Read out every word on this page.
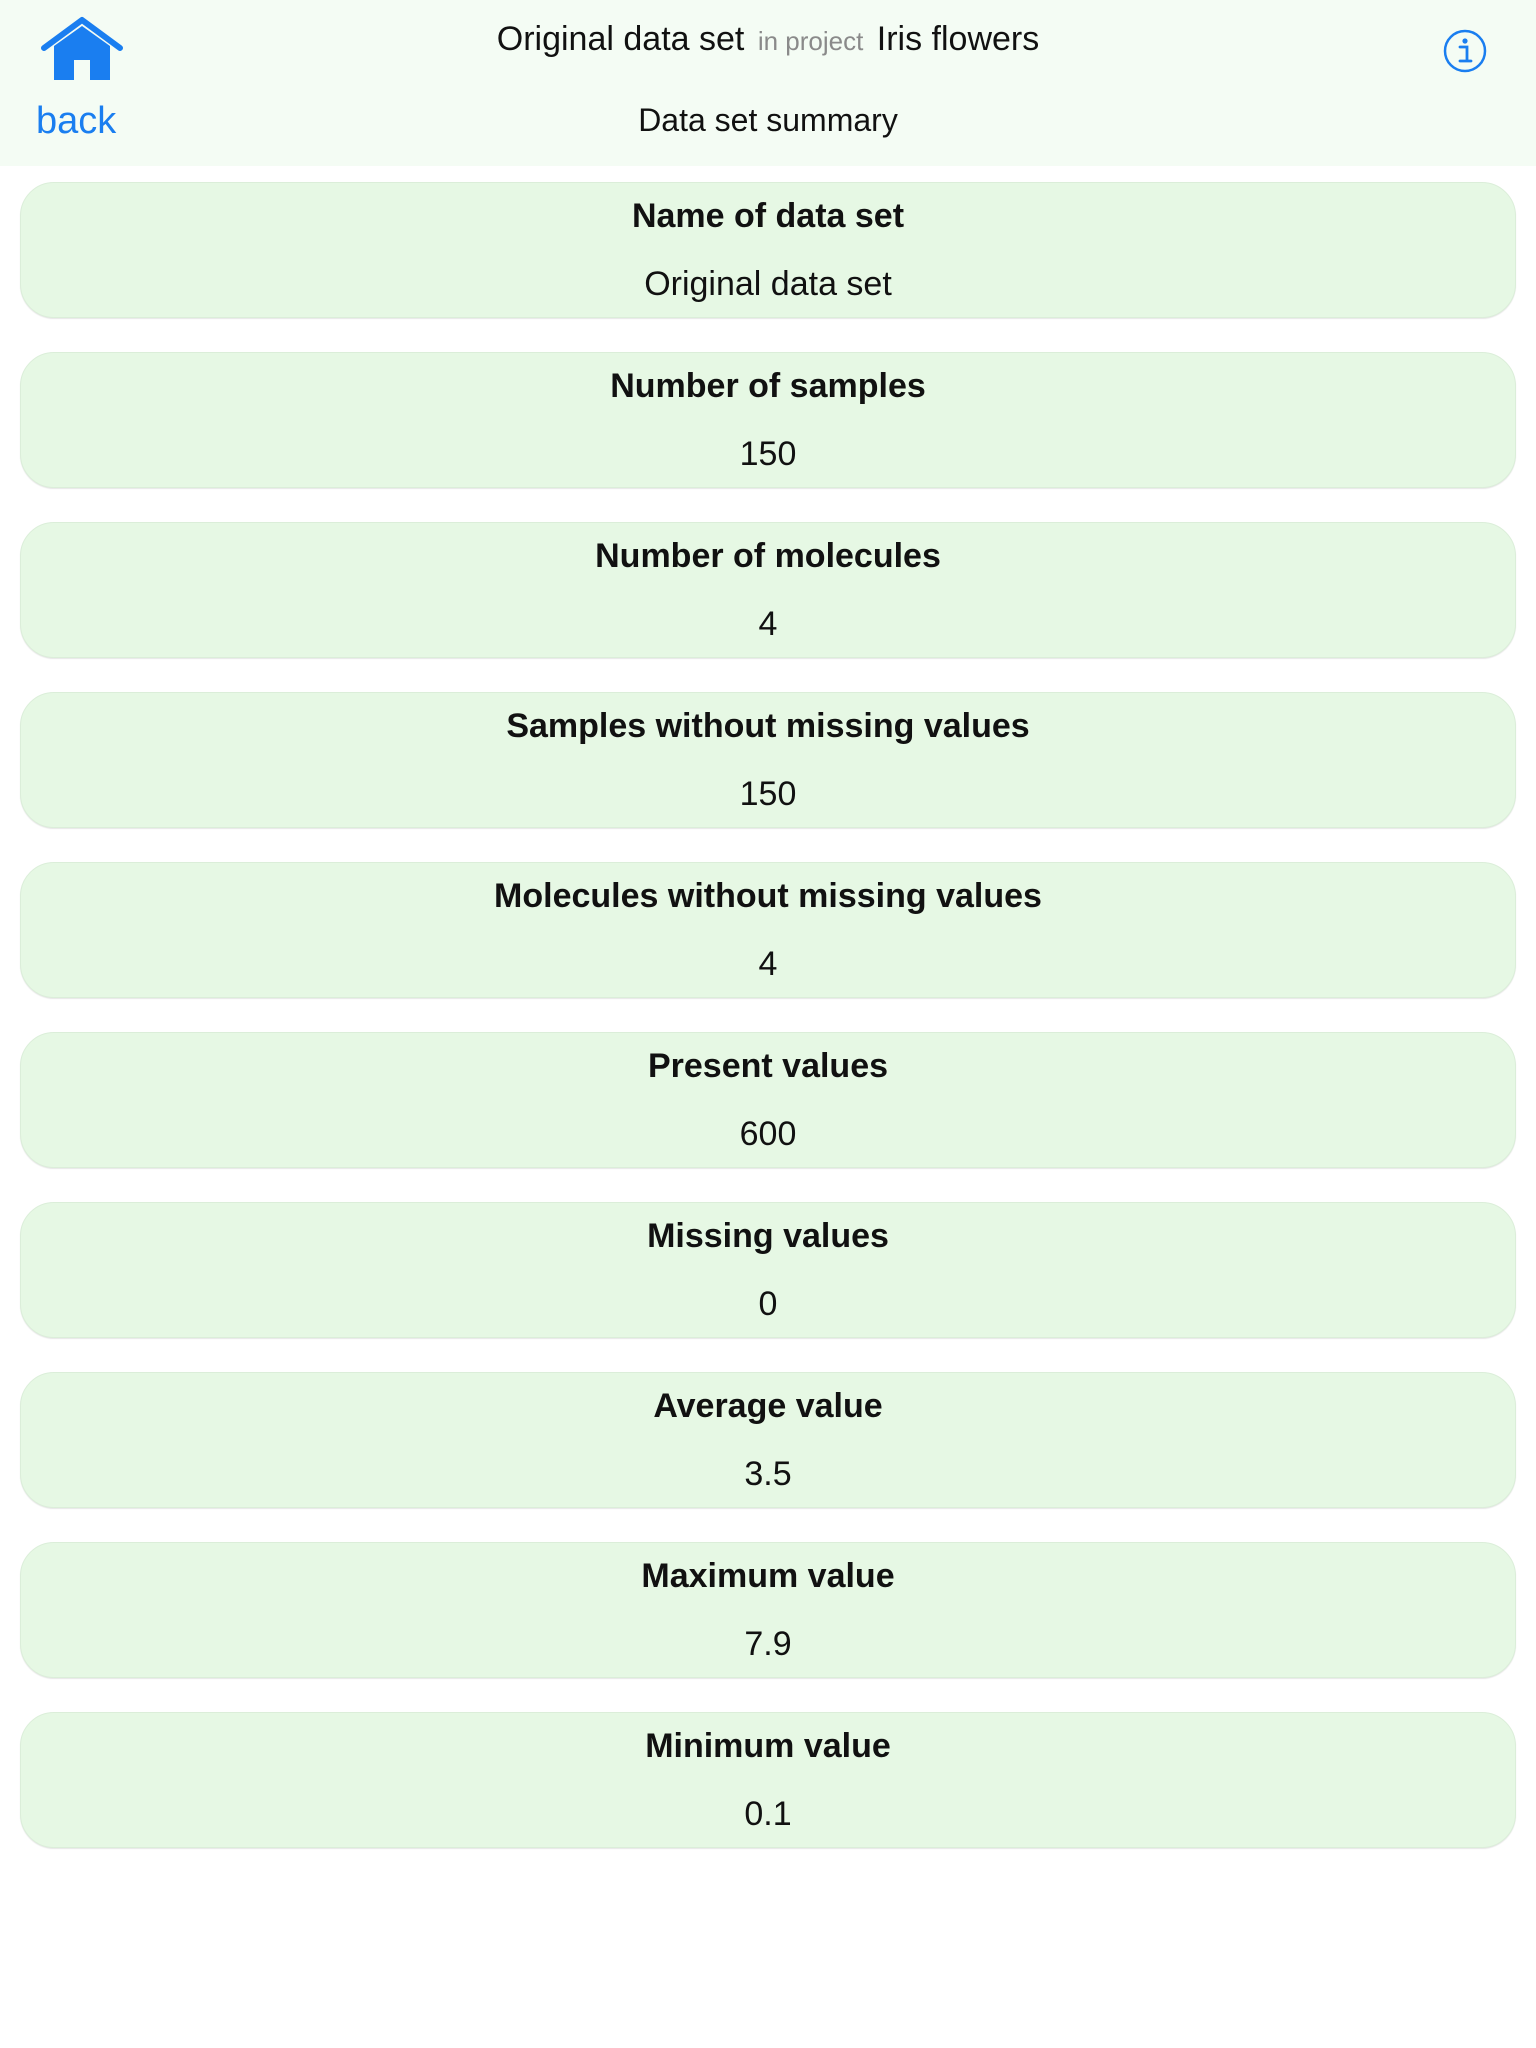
back
Original data set in project Iris flowers
Data set summary
Name of data set
Original data set
Number of samples
150
Number of molecules
4
Samples without missing values
150
Molecules without missing values
4
Present values
600
Missing values
0
Average value
3.5
Maximum value
7.9
Minimum value
0.1
